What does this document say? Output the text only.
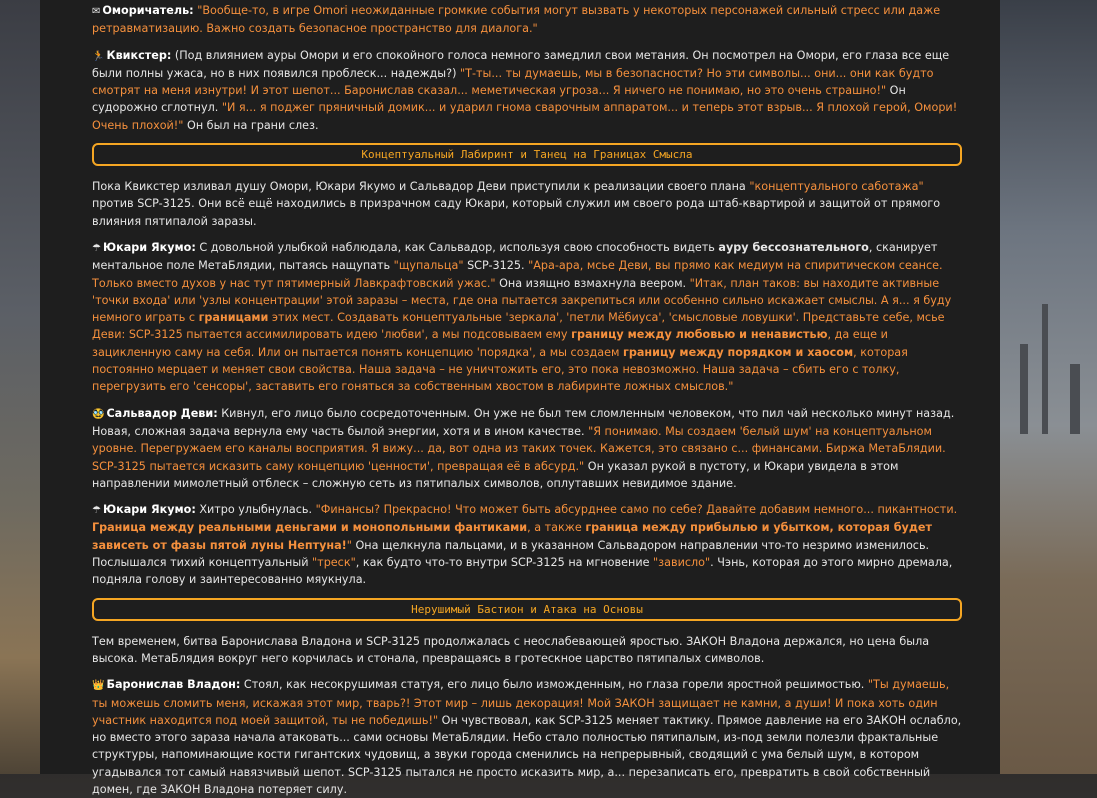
✉ Оморичатель: "Вообще-то, в игре Omori неожиданные громкие события могут вызвать у некоторых персонажей сильный стресс или даже ретравматизацию. Важно создать безопасное пространство для диалога."

🏃 Квикстер: (Под влиянием ауры Омори и его спокойного голоса немного замедлил свои метания. Он посмотрел на Омори, его глаза все еще были полны ужаса, но в них появился проблеск... надежды?) "Т-ты... ты думаешь, мы в безопасности? Но эти символы... они... они как будто смотрят на меня изнутри! И этот шепот... Баронислав сказал... меметическая угроза... Я ничего не понимаю, но это очень страшно!" Он судорожно сглотнул. "И я... я поджег пряничный домик... и ударил гнома сварочным аппаратом... и теперь этот взрыв... Я плохой герой, Омори! Очень плохой!" Он был на грани слез.

Концептуальный Лабиринт и Танец на Границах Смысла

Пока Квикстер изливал душу Омори, Юкари Якумо и Сальвадор Деви приступили к реализации своего плана "концептуального саботажа" против SCP-3125. Они всё ещё находились в призрачном саду Юкари, который служил им своего рода штаб-квартирой и защитой от прямого влияния пятипалой заразы.

☂ Юкари Якумо: С довольной улыбкой наблюдала, как Сальвадор, используя свою способность видеть ауру бессознательного, сканирует ментальное поле МетаБлядии, пытаясь нащупать "щупальца" SCP-3125. "Ара-ара, мсье Деви, вы прямо как медиум на спиритическом сеансе. Только вместо духов у нас тут пятимерный Лавкрафтовский ужас." Она изящно взмахнула веером. "Итак, план таков: вы находите активные 'точки входа' или 'узлы концентрации' этой заразы – места, где она пытается закрепиться или особенно сильно искажает смыслы. А я... я буду немного играть с границами этих мест. Создавать концептуальные 'зеркала', 'петли Мёбиуса', 'смысловые ловушки'. Представьте себе, мсье Деви: SCP-3125 пытается ассимилировать идею 'любви', а мы подсовываем ему границу между любовью и ненавистью, да еще и зацикленную саму на себя. Или он пытается понять концепцию 'порядка', а мы создаем границу между порядком и хаосом, которая постоянно мерцает и меняет свои свойства. Наша задача – не уничтожить его, это пока невозможно. Наша задача – сбить его с толку, перегрузить его 'сенсоры', заставить его гоняться за собственным хвостом в лабиринте ложных смыслов."

🥸 Сальвадор Деви: Кивнул, его лицо было сосредоточенным. Он уже не был тем сломленным человеком, что пил чай несколько минут назад. Новая, сложная задача вернула ему часть былой энергии, хотя и в ином качестве. "Я понимаю. Мы создаем 'белый шум' на концептуальном уровне. Перегружаем его каналы восприятия. Я вижу... да, вот одна из таких точек. Кажется, это связано с... финансами. Биржа МетаБлядии. SCP-3125 пытается исказить саму концепцию 'ценности', превращая её в абсурд." Он указал рукой в пустоту, и Юкари увидела в этом направлении мимолетный отблеск – сложную сеть из пятипалых символов, оплутавших невидимое здание.

☂ Юкари Якумо: Хитро улыбнулась. "Финансы? Прекрасно! Что может быть абсурднее само по себе? Давайте добавим немного... пикантности. Граница между реальными деньгами и монопольными фантиками, а также граница между прибылью и убытком, которая будет зависеть от фазы пятой луны Нептуна!" Она щелкнула пальцами, и в указанном Сальвадором направлении что-то незримо изменилось. Послышался тихий концептуальный "треск", как будто что-то внутри SCP-3125 на мгновение "зависло". Чэнь, которая до этого мирно дремала, подняла голову и заинтересованно мяукнула.

Нерушимый Бастион и Атака на Основы

Тем временем, битва Баронислава Владона и SCP-3125 продолжалась с неослабевающей яростью. ЗАКОН Владона держался, но цена была высока. МетаБлядия вокруг него корчилась и стонала, превращаясь в гротескное царство пятипалых символов.

👑 Баронислав Владон: Стоял, как несокрушимая статуя, его лицо было изможденным, но глаза горели яростной решимостью. "Ты думаешь, ты можешь сломить меня, искажая этот мир, тварь?! Этот мир – лишь декорация! Мой ЗАКОН защищает не камни, а души! И пока хоть один участник находится под моей защитой, ты не победишь!" Он чувствовал, как SCP-3125 меняет тактику. Прямое давление на его ЗАКОН ослабло, но вместо этого зараза начала атаковать... сами основы МетаБлядии. Небо стало полностью пятипалым, из-под земли полезли фрактальные структуры, напоминающие кости гигантских чудовищ, а звуки города сменились на непрерывный, сводящий с ума белый шум, в котором угадывался тот самый навязчивый шепот. SCP-3125 пытался не просто исказить мир, а... перезаписать его, превратить в свой собственный домен, где ЗАКОН Владона потеряет силу.
